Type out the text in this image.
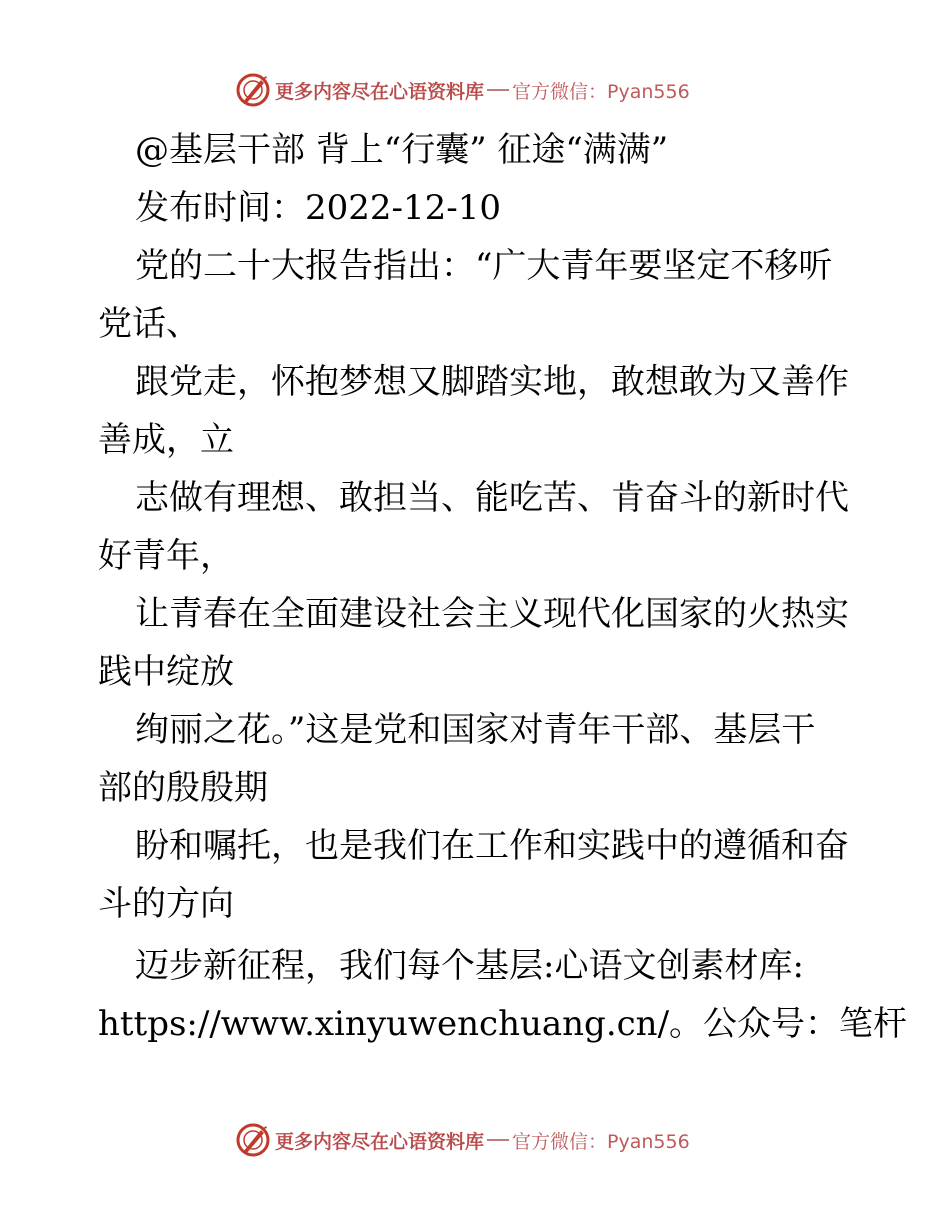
更多内容尽在心语资料库 官方微信：Pyan556
@基层干部 背上“行囊” 征途“满满”
发布时间：2022-12-10
党的二十大报告指出：“广大青年要坚定不移听
党话、
跟党走，怀抱梦想又脚踏实地，敢想敢为又善作
善成，立
志做有理想、敢担当、能吃苦、肯奋斗的新时代
好青年，
让青春在全面建设社会主义现代化国家的火热实
践中绽放
绚丽之花。”这是党和国家对青年干部、基层干
部的殷殷期
盼和嘱托，也是我们在工作和实践中的遵循和奋
斗的方向
迈步新征程，我们每个基层:心语文创素材库:
https://www.xinyuwenchuang.cn/。公众号：笔杆
更多内容尽在心语资料库 官方微信：Pyan556
